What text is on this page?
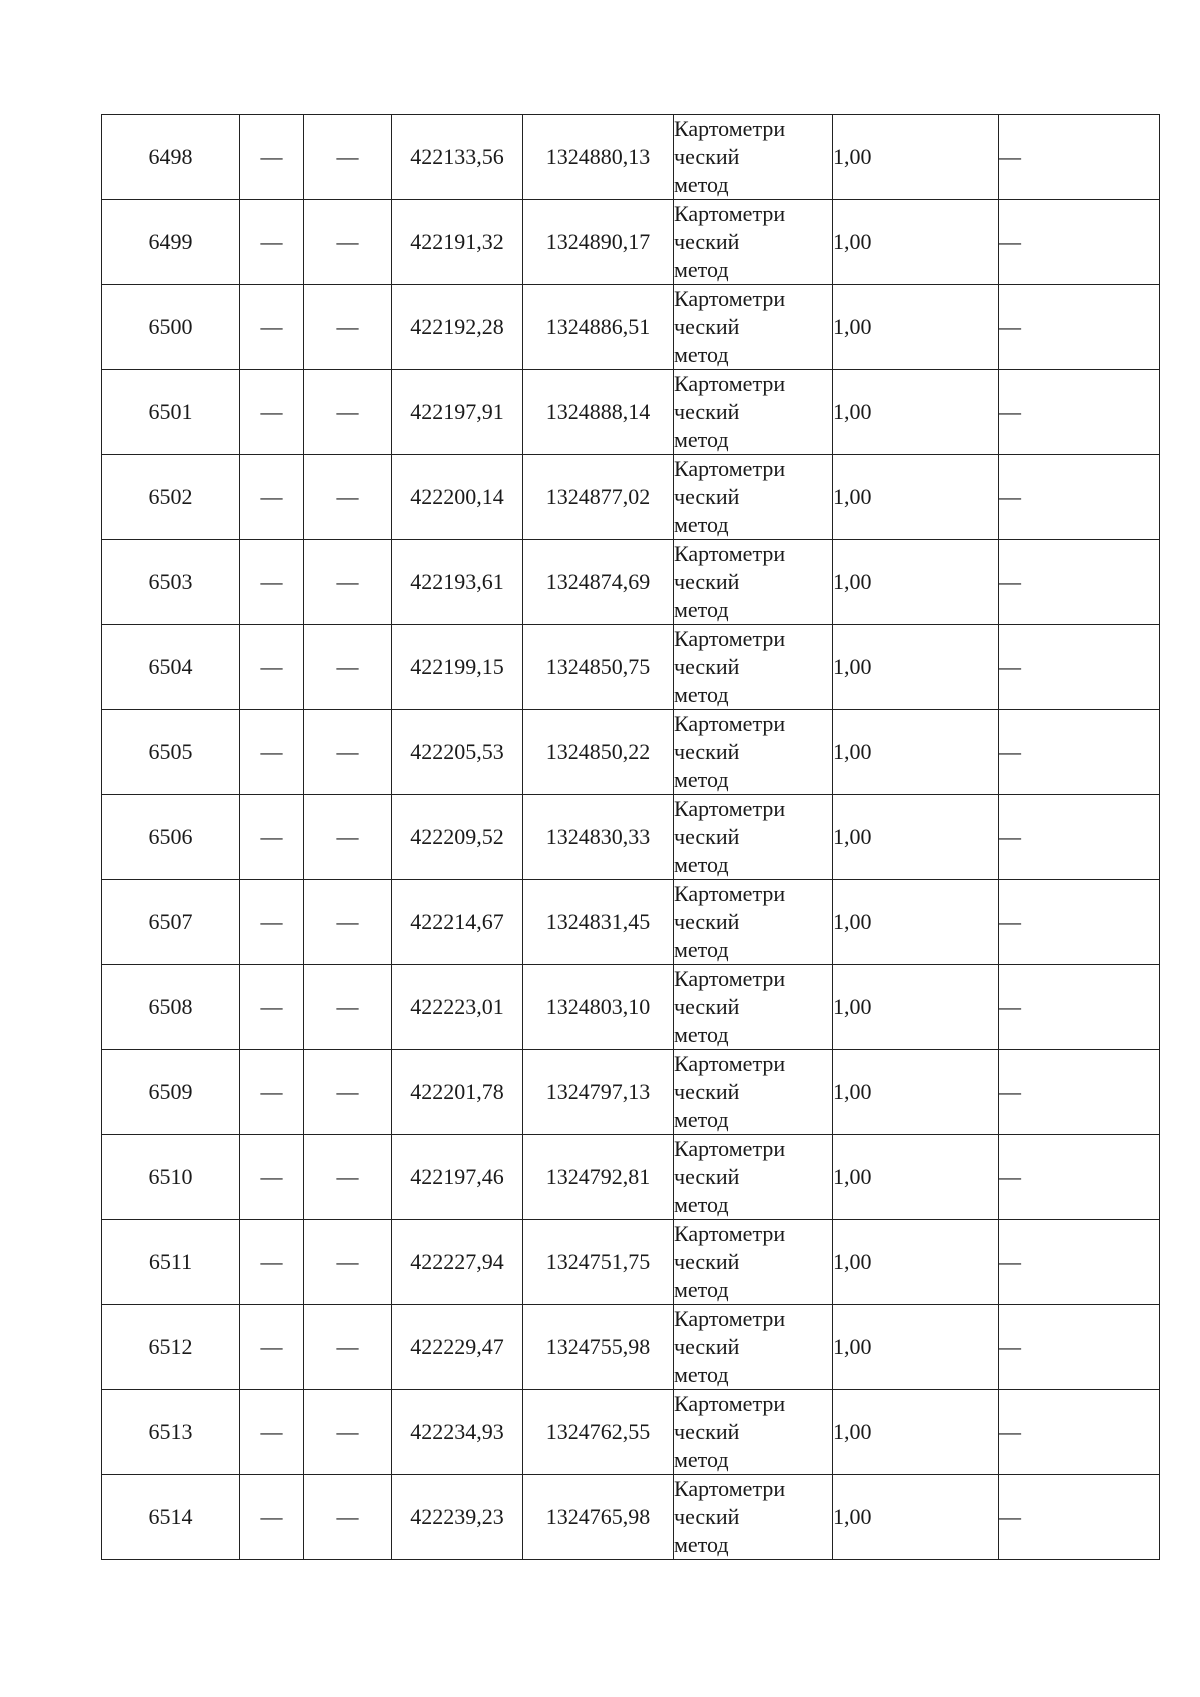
6498	—	—	422133,56	1324880,13	Картометри
ческий
метод	1,00	—
6499	—	—	422191,32	1324890,17	Картометри
ческий
метод	1,00	—
6500	—	—	422192,28	1324886,51	Картометри
ческий
метод	1,00	—
6501	—	—	422197,91	1324888,14	Картометри
ческий
метод	1,00	—
6502	—	—	422200,14	1324877,02	Картометри
ческий
метод	1,00	—
6503	—	—	422193,61	1324874,69	Картометри
ческий
метод	1,00	—
6504	—	—	422199,15	1324850,75	Картометри
ческий
метод	1,00	—
6505	—	—	422205,53	1324850,22	Картометри
ческий
метод	1,00	—
6506	—	—	422209,52	1324830,33	Картометри
ческий
метод	1,00	—
6507	—	—	422214,67	1324831,45	Картометри
ческий
метод	1,00	—
6508	—	—	422223,01	1324803,10	Картометри
ческий
метод	1,00	—
6509	—	—	422201,78	1324797,13	Картометри
ческий
метод	1,00	—
6510	—	—	422197,46	1324792,81	Картометри
ческий
метод	1,00	—
6511	—	—	422227,94	1324751,75	Картометри
ческий
метод	1,00	—
6512	—	—	422229,47	1324755,98	Картометри
ческий
метод	1,00	—
6513	—	—	422234,93	1324762,55	Картометри
ческий
метод	1,00	—
6514	—	—	422239,23	1324765,98	Картометри
ческий
метод	1,00	—
